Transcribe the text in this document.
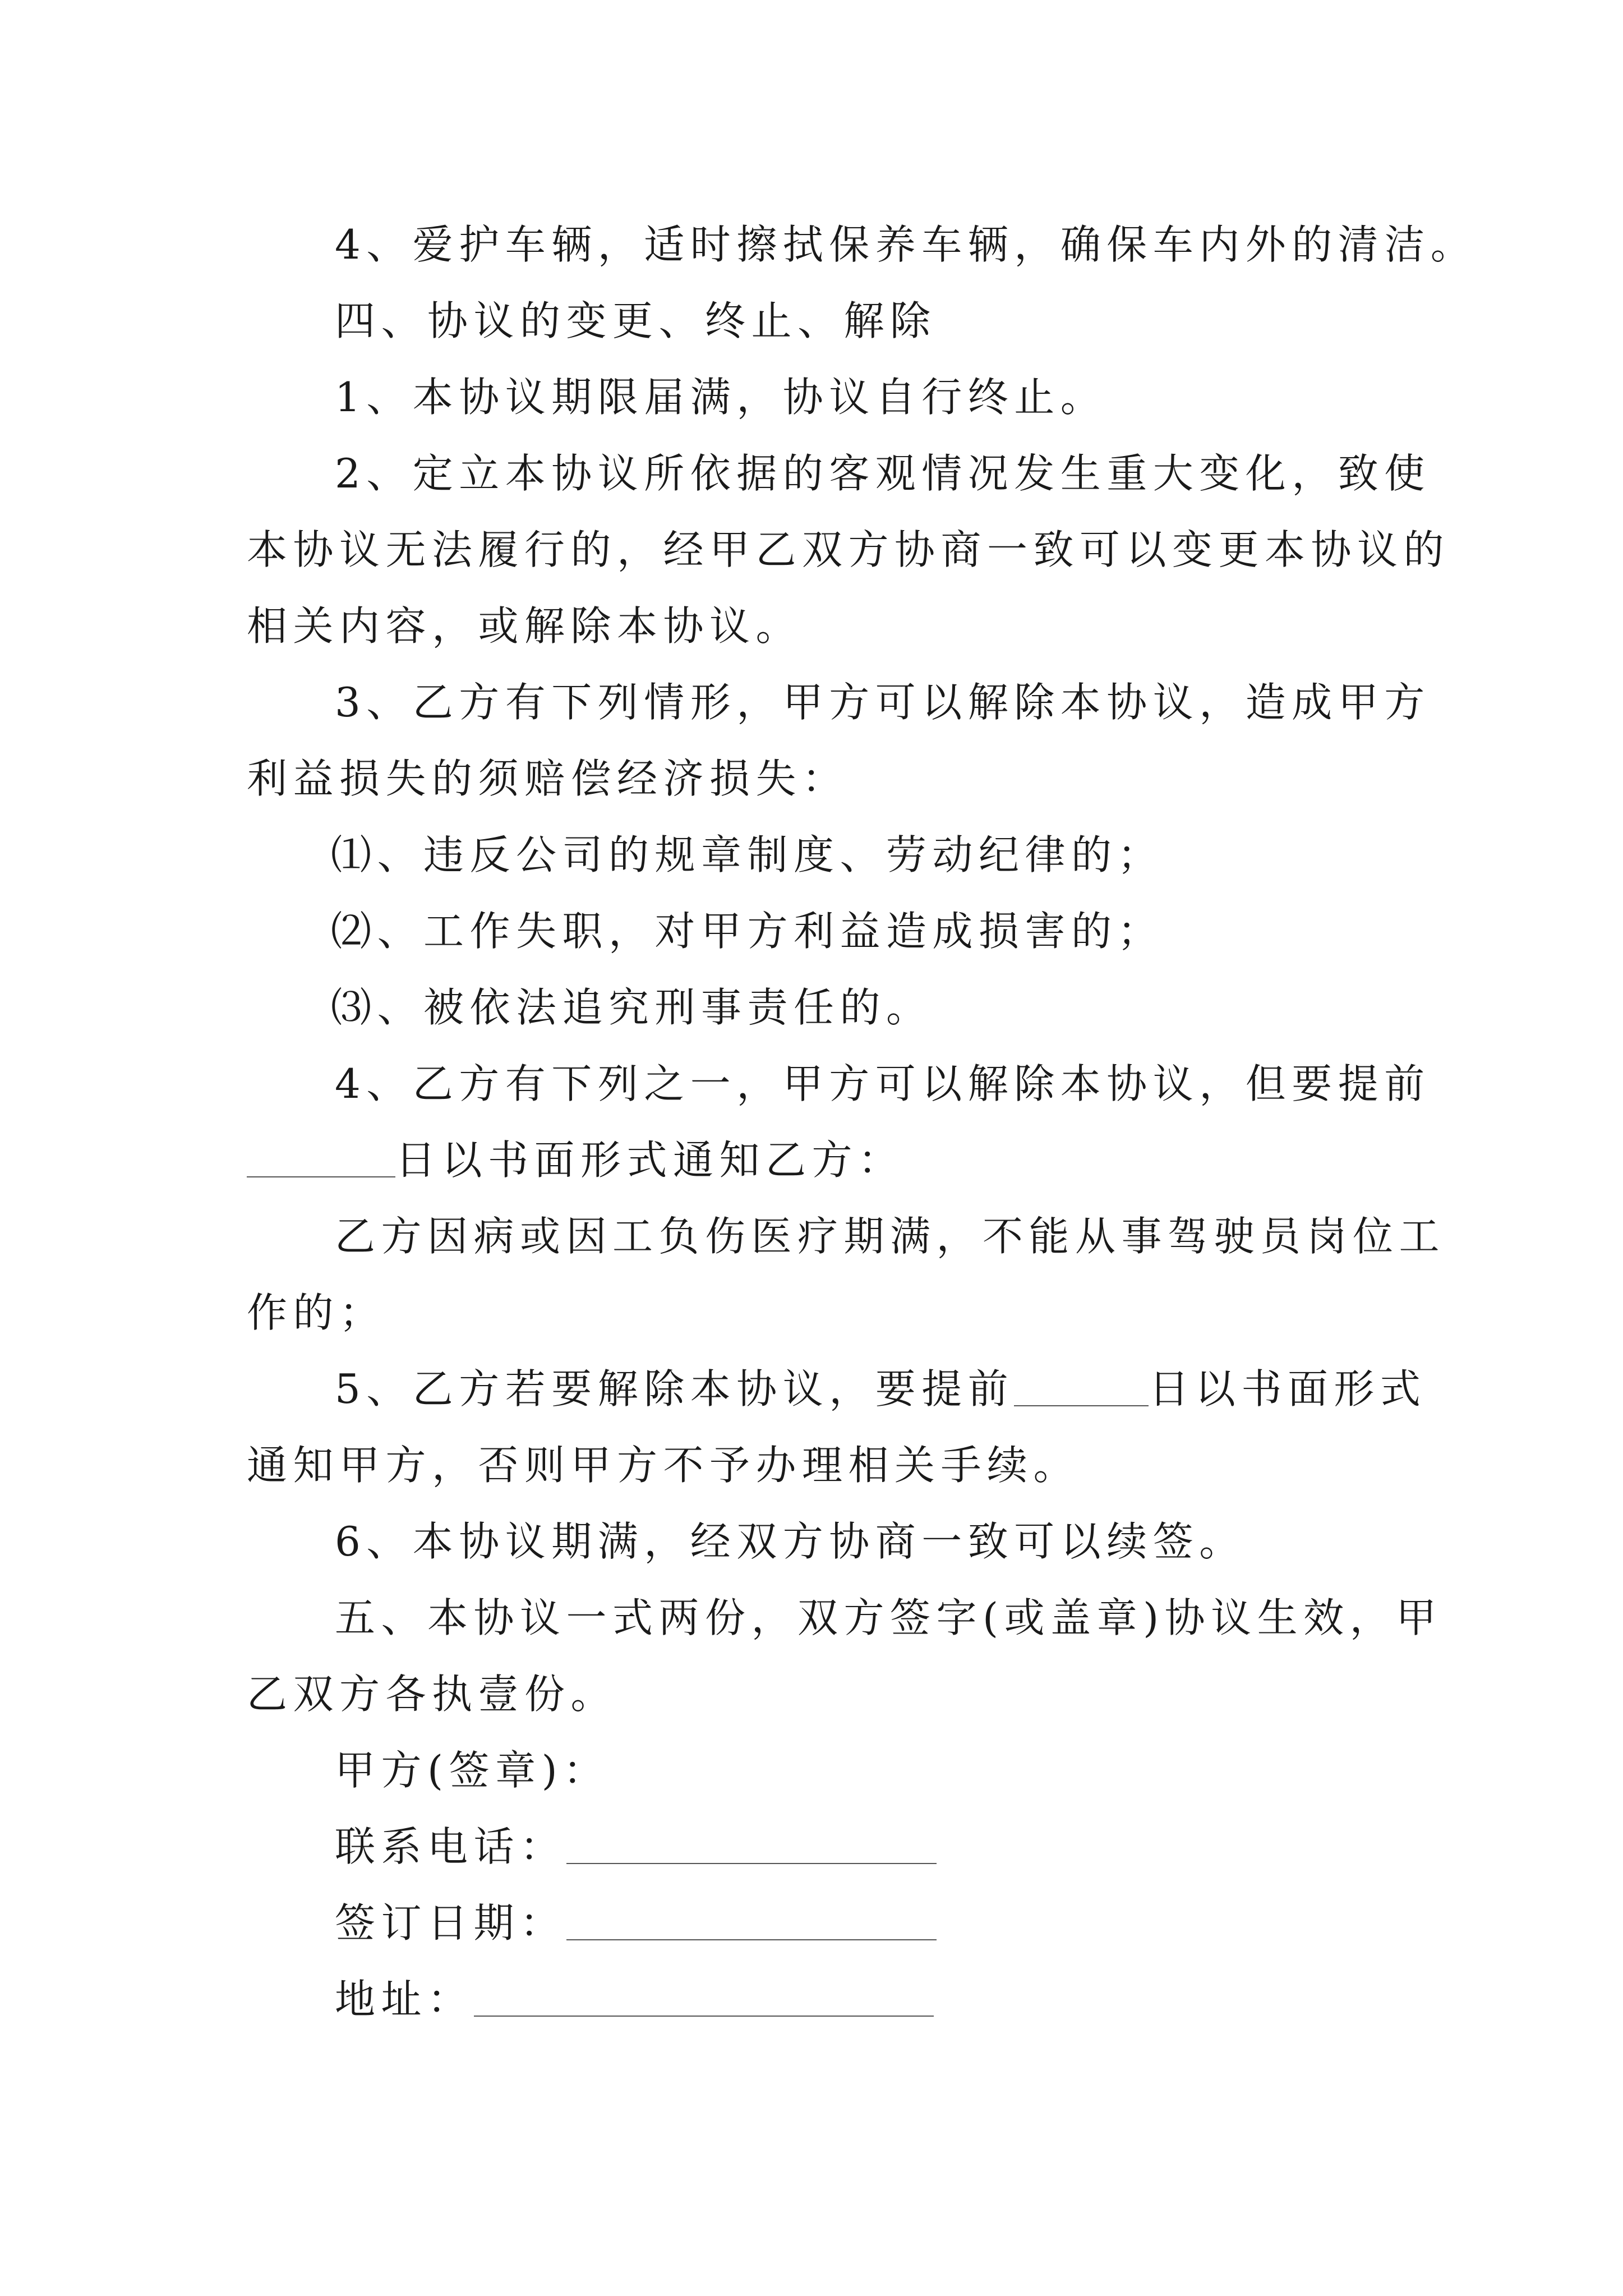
4、爱护车辆，适时擦拭保养车辆，确保车内外的清洁。
四、协议的变更、终止、解除
1、本协议期限届满，协议自行终止。
2、定立本协议所依据的客观情况发生重大变化，致使
本协议无法履行的，经甲乙双方协商一致可以变更本协议的
相关内容，或解除本协议。
3、乙方有下列情形，甲方可以解除本协议，造成甲方
利益损失的须赔偿经济损失：
⑴、违反公司的规章制度、劳动纪律的；
⑵、工作失职，对甲方利益造成损害的；
⑶、被依法追究刑事责任的。
4、乙方有下列之一，甲方可以解除本协议，但要提前
日以书面形式通知乙方：
乙方因病或因工负伤医疗期满，不能从事驾驶员岗位工
作的；
5、乙方若要解除本协议，要提前	日以书面形式
通知甲方，否则甲方不予办理相关手续。
6、本协议期满，经双方协商一致可以续签。
五、本协议一式两份，双方签字(或盖章)协议生效，甲
乙双方各执壹份。
甲方(签章)：
联系电话：
签订日期：
地址：
